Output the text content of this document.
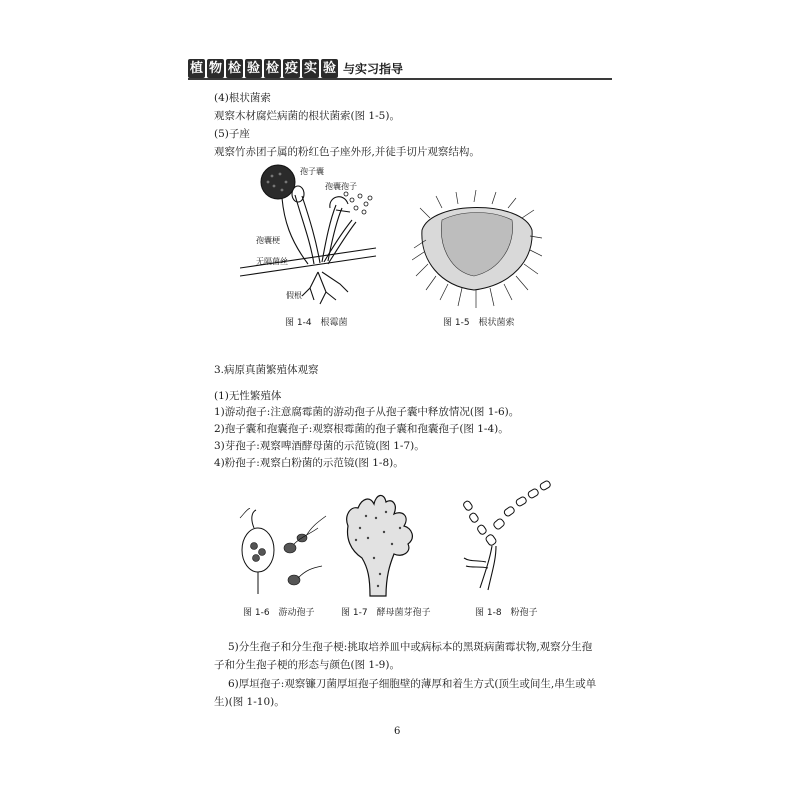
植 物 检 验 检 疫 实 验 与实习指导
(4)根状菌索
观察木材腐烂病菌的根状菌索(图 1-5)。
(5)子座
观察竹赤团子属的粉红色子座外形,并徒手切片观察结构。
孢子囊
孢囊孢子
孢囊梗
无隔菌丝
假根
图 1-4　根霉菌	图 1-5　根状菌索
3.病原真菌繁殖体观察
(1)无性繁殖体
1)游动孢子:注意腐霉菌的游动孢子从孢子囊中释放情况(图 1-6)。
2)孢子囊和孢囊孢子:观察根霉菌的孢子囊和孢囊孢子(图 1-4)。
3)芽孢子:观察啤酒酵母菌的示范镜(图 1-7)。
4)粉孢子:观察白粉菌的示范镜(图 1-8)。
图 1-6　游动孢子	图 1-7　酵母菌芽孢子	图 1-8　粉孢子
5)分生孢子和分生孢子梗:挑取培养皿中或病标本的黑斑病菌霉状物,观察分生孢
子和分生孢子梗的形态与颜色(图 1-9)。
6)厚垣孢子:观察镰刀菌厚垣孢子细胞壁的薄厚和着生方式(顶生或间生,串生或单
生)(图 1-10)。
6
